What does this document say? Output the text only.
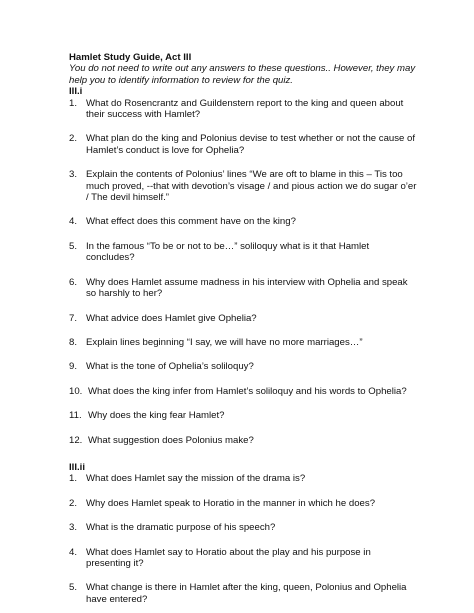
Hamlet Study Guide, Act III

You do not need to write out any answers to these questions.. However, they may help you to identify information to review for the quiz.

III.i

1. What do Rosencrantz and Guildenstern report to the king and queen about their success with Hamlet?
2. What plan do the king and Polonius devise to test whether or not the cause of Hamlet’s conduct is love for Ophelia?
3. Explain the contents of Polonius’ lines “We are oft to blame in this – Tis too much proved, --that with devotion’s visage / and pious action we do sugar o’er / The devil himself.”
4. What effect does this comment have on the king?
5. In the famous “To be or not to be…” soliloquy what is it that Hamlet concludes?
6. Why does Hamlet assume madness in his interview with Ophelia and speak so harshly to her?
7. What advice does Hamlet give Ophelia?
8. Explain lines beginning “I say, we will have no more marriages…”
9. What is the tone of Ophelia’s soliloquy?
10. What does the king infer from Hamlet’s soliloquy and his words to Ophelia?
11. Why does the king fear Hamlet?
12. What suggestion does Polonius make?

III.ii

1. What does Hamlet say the mission of the drama is?
2. Why does Hamlet speak to Horatio in the manner in which he does?
3. What is the dramatic purpose of his speech?
4. What does Hamlet say to Horatio about the play and his purpose in presenting it?
5. What change is there in Hamlet after the king, queen, Polonius and Ophelia have entered?
